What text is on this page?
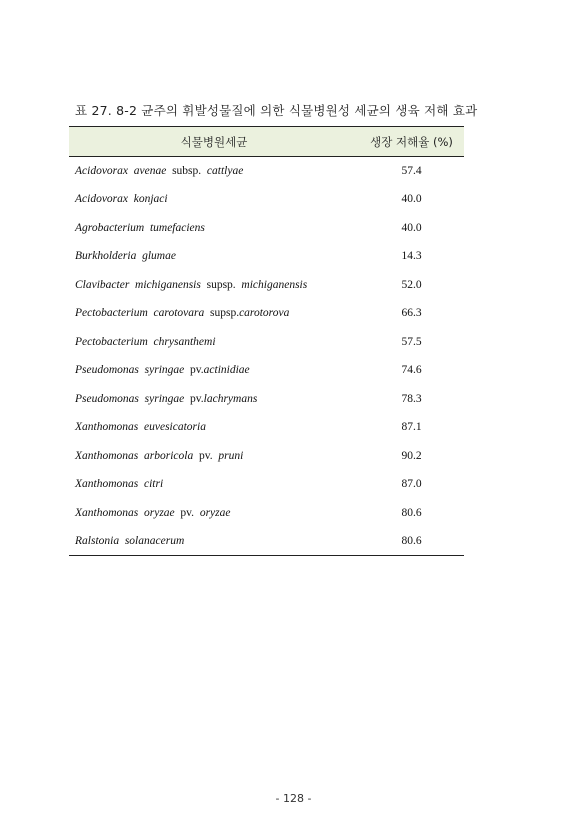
표 27. 8-2 균주의 휘발성물질에 의한 식물병원성 세균의 생육 저해 효과
식물병원세균	생장 저해율 (%)
Acidovorax  avenae  subsp.  cattlyae	57.4
Acidovorax  konjaci	40.0
Agrobacterium  tumefaciens	40.0
Burkholderia  glumae	14.3
Clavibacter  michiganensis  supsp.  michiganensis	52.0
Pectobacterium  carotovara  supsp.carotorova	66.3
Pectobacterium  chrysanthemi	57.5
Pseudomonas  syringae  pv.actinidiae	74.6
Pseudomonas  syringae  pv.lachrymans	78.3
Xanthomonas  euvesicatoria	87.1
Xanthomonas  arboricola  pv.  pruni	90.2
Xanthomonas  citri	87.0
Xanthomonas  oryzae  pv.  oryzae	80.6
Ralstonia  solanacerum	80.6
- 128 -
